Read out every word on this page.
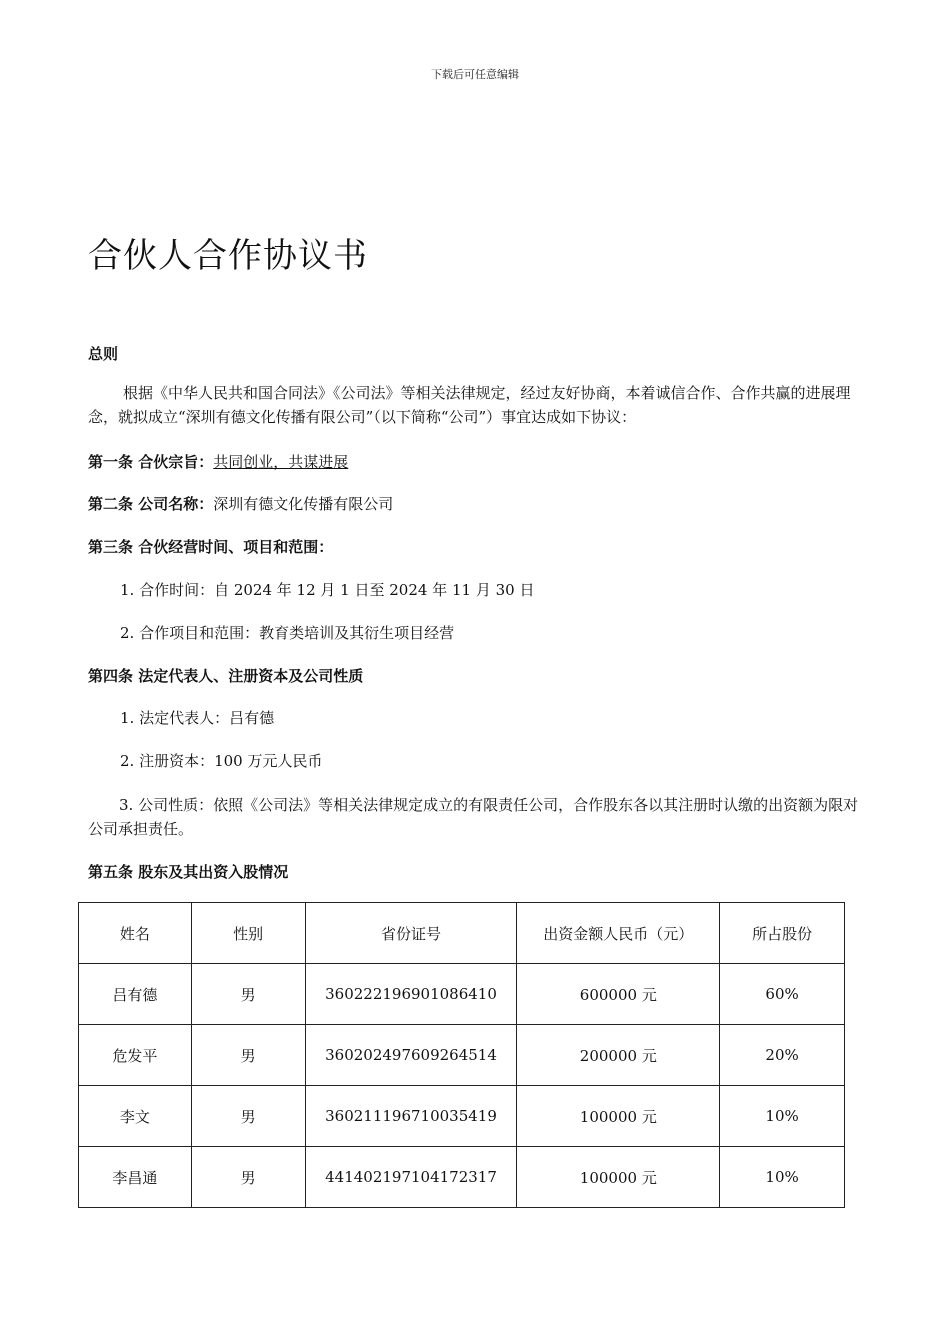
下载后可任意编辑
合伙人合作协议书
总则

根据《中华人民共和国合同法》《公司法》等相关法律规定，经过友好协商，本着诚信合作、合作共赢的进展理念，就拟成立“深圳有德文化传播有限公司”（以下简称“公司”）事宜达成如下协议：

第一条 合伙宗旨：共同创业，共谋进展
第二条 公司名称：深圳有德文化传播有限公司
第三条 合伙经营时间、项目和范围：
1. 合作时间：自 2024 年 12 月 1 日至 2024 年 11 月 30 日
2. 合作项目和范围：教育类培训及其衍生项目经营
第四条 法定代表人、注册资本及公司性质
1. 法定代表人：吕有德
2. 注册资本：100 万元人民币

3. 公司性质：依照《公司法》等相关法律规定成立的有限责任公司，合作股东各以其注册时认缴的出资额为限对公司承担责任。

第五条 股东及其出资入股情况
姓名	性别	省份证号	出资金额人民币（元）	所占股份
吕有德	男	360222196901086410	600000 元	60%
危发平	男	360202497609264514	200000 元	20%
李文	男	360211196710035419	100000 元	10%
李昌通	男	441402197104172317	100000 元	10%
